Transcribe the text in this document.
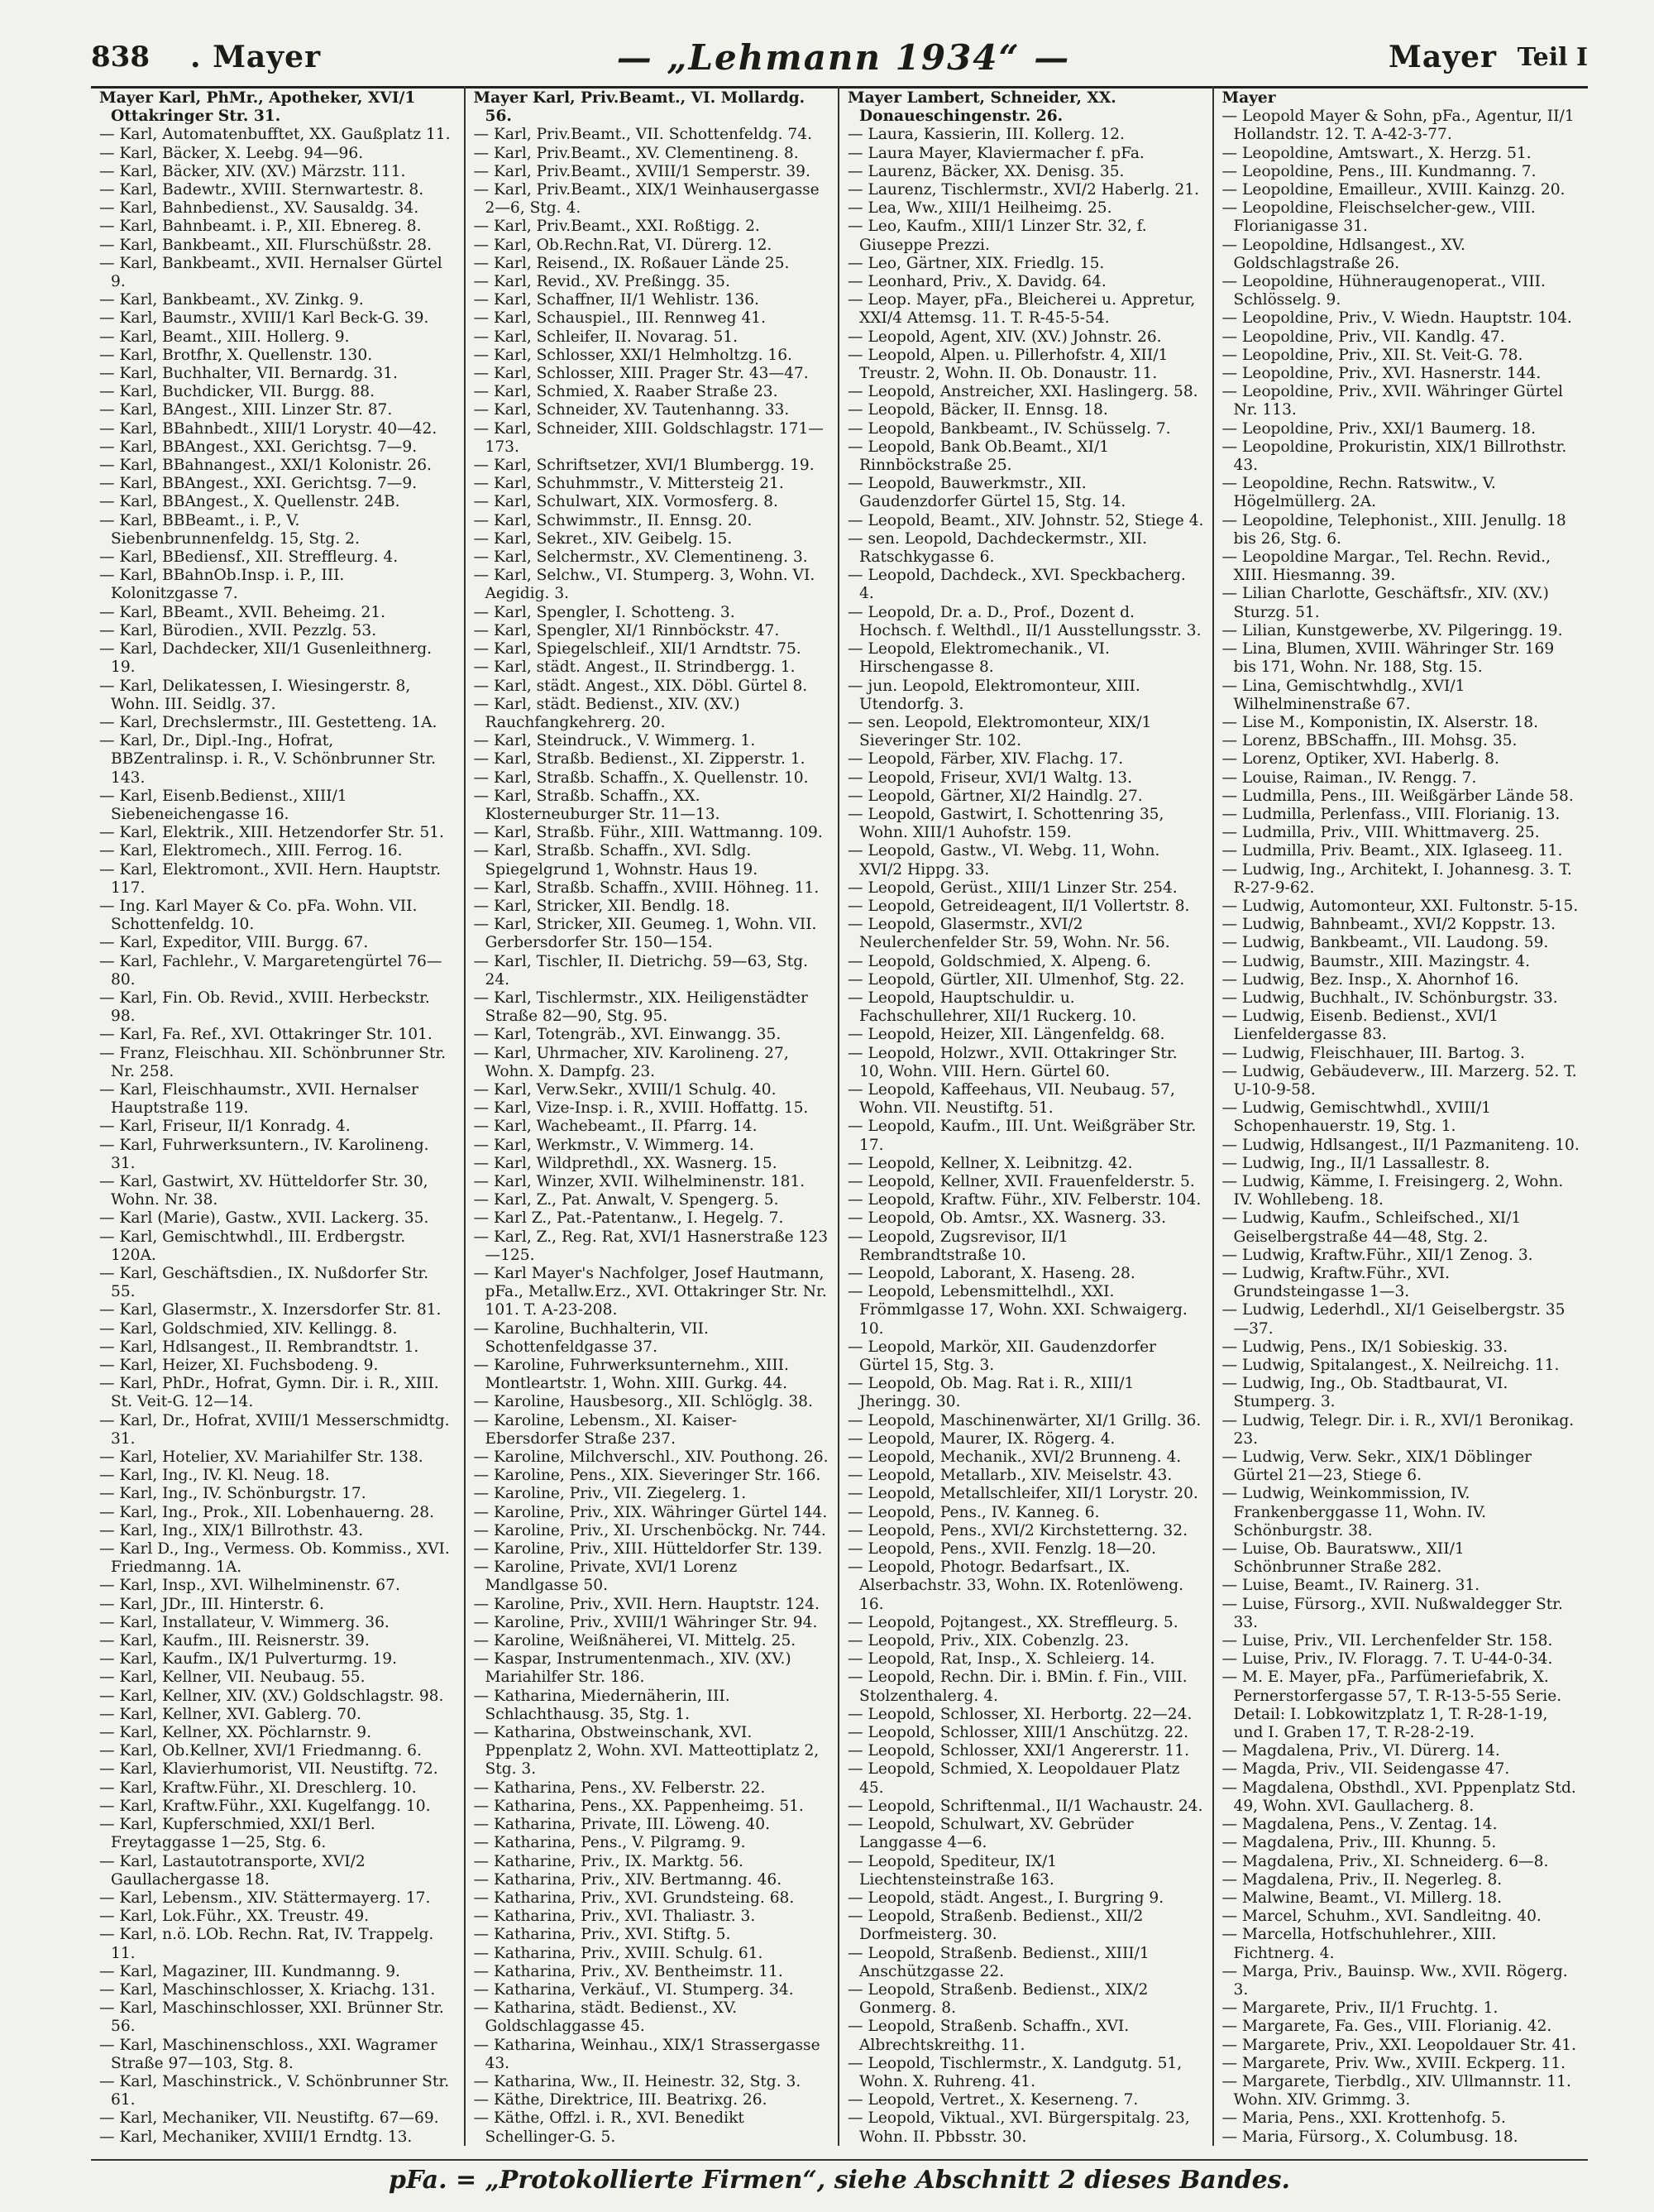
838	. Mayer	— „Lehmann 1934“ —	Mayer Teil I
Mayer Karl, PhMr., Apotheker, XVI/1 Ottakringer Str. 31.
— Karl, Automatenbufftet, XX. Gaußplatz 11.
— Karl, Bäcker, X. Leebg. 94—96.
— Karl, Bäcker, XIV. (XV.) Märzstr. 111.
— Karl, Badewtr., XVIII. Sternwartestr. 8.
— Karl, Bahnbedienst., XV. Sausaldg. 34.
— Karl, Bahnbeamt. i. P., XII. Ebnereg. 8.
— Karl, Bankbeamt., XII. Flurschüßstr. 28.
— Karl, Bankbeamt., XVII. Hernalser Gürtel 9.
— Karl, Bankbeamt., XV. Zinkg. 9.
— Karl, Baumstr., XVIII/1 Karl Beck-G. 39.
— Karl, Beamt., XIII. Hollerg. 9.
— Karl, Brotfhr, X. Quellenstr. 130.
— Karl, Buchhalter, VII. Bernardg. 31.
— Karl, Buchdicker, VII. Burgg. 88.
— Karl, BAngest., XIII. Linzer Str. 87.
— Karl, BBahnbedt., XIII/1 Lorystr. 40—42.
— Karl, BBAngest., XXI. Gerichtsg. 7—9.
— Karl, BBahnangest., XXI/1 Kolonistr. 26.
— Karl, BBAngest., XXI. Gerichtsg. 7—9.
— Karl, BBAngest., X. Quellenstr. 24B.
— Karl, BBBeamt., i. P., V. Siebenbrunnenfeldg. 15, Stg. 2.
— Karl, BBediensf., XII. Streffleurg. 4.
— Karl, BBahnOb.Insp. i. P., III. Kolonitzgasse 7.
— Karl, BBeamt., XVII. Beheimg. 21.
— Karl, Bürodien., XVII. Pezzlg. 53.
— Karl, Dachdecker, XII/1 Gusenleithnerg. 19.
— Karl, Delikatessen, I. Wiesingerstr. 8, Wohn. III. Seidlg. 37.
— Karl, Drechslermstr., III. Gestetteng. 1A.
— Karl, Dr., Dipl.-Ing., Hofrat, BBZentralinsp. i. R., V. Schönbrunner Str. 143.
— Karl, Eisenb.Bedienst., XIII/1 Siebeneichengasse 16.
— Karl, Elektrik., XIII. Hetzendorfer Str. 51.
— Karl, Elektromech., XIII. Ferrog. 16.
— Karl, Elektromont., XVII. Hern. Hauptstr. 117.
— Ing. Karl Mayer & Co. pFa. Wohn. VII. Schottenfeldg. 10.
— Karl, Expeditor, VIII. Burgg. 67.
— Karl, Fachlehr., V. Margaretengürtel 76—80.
— Karl, Fin. Ob. Revid., XVIII. Herbeckstr. 98.
— Karl, Fa. Ref., XVI. Ottakringer Str. 101.
— Franz, Fleischhau. XII. Schönbrunner Str. Nr. 258.
— Karl, Fleischhaumstr., XVII. Hernalser Hauptstraße 119.
— Karl, Friseur, II/1 Konradg. 4.
— Karl, Fuhrwerksuntern., IV. Karolineng. 31.
— Karl, Gastwirt, XV. Hütteldorfer Str. 30, Wohn. Nr. 38.
— Karl (Marie), Gastw., XVII. Lackerg. 35.
— Karl, Gemischtwhdl., III. Erdbergstr. 120A.
— Karl, Geschäftsdien., IX. Nußdorfer Str. 55.
— Karl, Glasermstr., X. Inzersdorfer Str. 81.
— Karl, Goldschmied, XIV. Kellingg. 8.
— Karl, Hdlsangest., II. Rembrandtstr. 1.
— Karl, Heizer, XI. Fuchsbodeng. 9.
— Karl, PhDr., Hofrat, Gymn. Dir. i. R., XIII. St. Veit-G. 12—14.
— Karl, Dr., Hofrat, XVIII/1 Messerschmidtg. 31.
— Karl, Hotelier, XV. Mariahilfer Str. 138.
— Karl, Ing., IV. Kl. Neug. 18.
— Karl, Ing., IV. Schönburgstr. 17.
— Karl, Ing., Prok., XII. Lobenhauerng. 28.
— Karl, Ing., XIX/1 Billrothstr. 43.
— Karl D., Ing., Vermess. Ob. Kommiss., XVI. Friedmanng. 1A.
— Karl, Insp., XVI. Wilhelminenstr. 67.
— Karl, JDr., III. Hinterstr. 6.
— Karl, Installateur, V. Wimmerg. 36.
— Karl, Kaufm., III. Reisnerstr. 39.
— Karl, Kaufm., IX/1 Pulverturmg. 19.
— Karl, Kellner, VII. Neubaug. 55.
— Karl, Kellner, XIV. (XV.) Goldschlagstr. 98.
— Karl, Kellner, XVI. Gablerg. 70.
— Karl, Kellner, XX. Pöchlarnstr. 9.
— Karl, Ob.Kellner, XVI/1 Friedmanng. 6.
— Karl, Klavierhumorist, VII. Neustiftg. 72.
— Karl, Kraftw.Führ., XI. Dreschlerg. 10.
— Karl, Kraftw.Führ., XXI. Kugelfangg. 10.
— Karl, Kupferschmied, XXI/1 Berl. Freytaggasse 1—25, Stg. 6.
— Karl, Lastautotransporte, XVI/2 Gaullachergasse 18.
— Karl, Lebensm., XIV. Stättermayerg. 17.
— Karl, Lok.Führ., XX. Treustr. 49.
— Karl, n.ö. LOb. Rechn. Rat, IV. Trappelg. 11.
— Karl, Magaziner, III. Kundmanng. 9.
— Karl, Maschinschlosser, X. Kriachg. 131.
— Karl, Maschinschlosser, XXI. Brünner Str. 56.
— Karl, Maschinenschloss., XXI. Wagramer Straße 97—103, Stg. 8.
— Karl, Maschinstrick., V. Schönbrunner Str. 61.
— Karl, Mechaniker, VII. Neustiftg. 67—69.
— Karl, Mechaniker, XVIII/1 Erndtg. 13.
Mayer Karl, Priv.Beamt., VI. Mollardg. 56.
— Karl, Priv.Beamt., VII. Schottenfeldg. 74.
— Karl, Priv.Beamt., XV. Clementineng. 8.
— Karl, Priv.Beamt., XVIII/1 Semperstr. 39.
— Karl, Priv.Beamt., XIX/1 Weinhausergasse 2—6, Stg. 4.
— Karl, Priv.Beamt., XXI. Roßtigg. 2.
— Karl, Ob.Rechn.Rat, VI. Dürerg. 12.
— Karl, Reisend., IX. Roßauer Lände 25.
— Karl, Revid., XV. Preßingg. 35.
— Karl, Schaffner, II/1 Wehlistr. 136.
— Karl, Schauspiel., III. Rennweg 41.
— Karl, Schleifer, II. Novarag. 51.
— Karl, Schlosser, XXI/1 Helmholtzg. 16.
— Karl, Schlosser, XIII. Prager Str. 43—47.
— Karl, Schmied, X. Raaber Straße 23.
— Karl, Schneider, XV. Tautenhanng. 33.
— Karl, Schneider, XIII. Goldschlagstr. 171—173.
— Karl, Schriftsetzer, XVI/1 Blumbergg. 19.
— Karl, Schuhmmstr., V. Mittersteig 21.
— Karl, Schulwart, XIX. Vormosferg. 8.
— Karl, Schwimmstr., II. Ennsg. 20.
— Karl, Sekret., XIV. Geibelg. 15.
— Karl, Selchermstr., XV. Clementineng. 3.
— Karl, Selchw., VI. Stumperg. 3, Wohn. VI. Aegidig. 3.
— Karl, Spengler, I. Schotteng. 3.
— Karl, Spengler, XI/1 Rinnböckstr. 47.
— Karl, Spiegelschleif., XII/1 Arndtstr. 75.
— Karl, städt. Angest., II. Strindbergg. 1.
— Karl, städt. Angest., XIX. Döbl. Gürtel 8.
— Karl, städt. Bedienst., XIV. (XV.) Rauchfangkehrerg. 20.
— Karl, Steindruck., V. Wimmerg. 1.
— Karl, Straßb. Bedienst., XI. Zipperstr. 1.
— Karl, Straßb. Schaffn., X. Quellenstr. 10.
— Karl, Straßb. Schaffn., XX. Klosterneuburger Str. 11—13.
— Karl, Straßb. Führ., XIII. Wattmanng. 109.
— Karl, Straßb. Schaffn., XVI. Sdlg. Spiegelgrund 1, Wohnstr. Haus 19.
— Karl, Straßb. Schaffn., XVIII. Höhneg. 11.
— Karl, Stricker, XII. Bendlg. 18.
— Karl, Stricker, XII. Geumeg. 1, Wohn. VII. Gerbersdorfer Str. 150—154.
— Karl, Tischler, II. Dietrichg. 59—63, Stg. 24.
— Karl, Tischlermstr., XIX. Heiligenstädter Straße 82—90, Stg. 95.
— Karl, Totengräb., XVI. Einwangg. 35.
— Karl, Uhrmacher, XIV. Karolineng. 27, Wohn. X. Dampfg. 23.
— Karl, Verw.Sekr., XVIII/1 Schulg. 40.
— Karl, Vize-Insp. i. R., XVIII. Hoffattg. 15.
— Karl, Wachebeamt., II. Pfarrg. 14.
— Karl, Werkmstr., V. Wimmerg. 14.
— Karl, Wildprethdl., XX. Wasnerg. 15.
— Karl, Winzer, XVII. Wilhelminenstr. 181.
— Karl, Z., Pat. Anwalt, V. Spengerg. 5.
— Karl Z., Pat.-Patentanw., I. Hegelg. 7.
— Karl, Z., Reg. Rat, XVI/1 Hasnerstraße 123—125.
— Karl Mayer's Nachfolger, Josef Hautmann, pFa., Metallw.Erz., XVI. Ottakringer Str. Nr. 101. T. A-23-208.
— Karoline, Buchhalterin, VII. Schottenfeldgasse 37.
— Karoline, Fuhrwerksunternehm., XIII. Montleartstr. 1, Wohn. XIII. Gurkg. 44.
— Karoline, Hausbesorg., XII. Schlöglg. 38.
— Karoline, Lebensm., XI. Kaiser-Ebersdorfer Straße 237.
— Karoline, Milchverschl., XIV. Pouthong. 26.
— Karoline, Pens., XIX. Sieveringer Str. 166.
— Karoline, Priv., VII. Ziegelerg. 1.
— Karoline, Priv., XIX. Währinger Gürtel 144.
— Karoline, Priv., XI. Urschenböckg. Nr. 744.
— Karoline, Priv., XIII. Hütteldorfer Str. 139.
— Karoline, Private, XVI/1 Lorenz Mandlgasse 50.
— Karoline, Priv., XVII. Hern. Hauptstr. 124.
— Karoline, Priv., XVIII/1 Währinger Str. 94.
— Karoline, Weißnäherei, VI. Mittelg. 25.
— Kaspar, Instrumentenmach., XIV. (XV.) Mariahilfer Str. 186.
— Katharina, Miedernäherin, III. Schlachthausg. 35, Stg. 1.
— Katharina, Obstweinschank, XVI. Pppenplatz 2, Wohn. XVI. Matteottiplatz 2, Stg. 3.
— Katharina, Pens., XV. Felberstr. 22.
— Katharina, Pens., XX. Pappenheimg. 51.
— Katharina, Private, III. Löweng. 40.
— Katharina, Pens., V. Pilgramg. 9.
— Katharine, Priv., IX. Marktg. 56.
— Katharina, Priv., XIV. Bertmanng. 46.
— Katharina, Priv., XVI. Grundsteing. 68.
— Katharina, Priv., XVI. Thaliastr. 3.
— Katharina, Priv., XVI. Stiftg. 5.
— Katharina, Priv., XVIII. Schulg. 61.
— Katharina, Priv., XV. Bentheimstr. 11.
— Katharina, Verkäuf., VI. Stumperg. 34.
— Katharina, städt. Bedienst., XV. Goldschlaggasse 45.
— Katharina, Weinhau., XIX/1 Strassergasse 43.
— Katharina, Ww., II. Heinestr. 32, Stg. 3.
— Käthe, Direktrice, III. Beatrixg. 26.
— Käthe, Offzl. i. R., XVI. Benedikt Schellinger-G. 5.
Mayer Lambert, Schneider, XX. Donaueschingenstr. 26.
— Laura, Kassierin, III. Kollerg. 12.
— Laura Mayer, Klaviermacher f. pFa.
— Laurenz, Bäcker, XX. Denisg. 35.
— Laurenz, Tischlermstr., XVI/2 Haberlg. 21.
— Lea, Ww., XIII/1 Heilheimg. 25.
— Leo, Kaufm., XIII/1 Linzer Str. 32, f. Giuseppe Prezzi.
— Leo, Gärtner, XIX. Friedlg. 15.
— Leonhard, Priv., X. Davidg. 64.
— Leop. Mayer, pFa., Bleicherei u. Appretur, XXI/4 Attemsg. 11. T. R-45-5-54.
— Leopold, Agent, XIV. (XV.) Johnstr. 26.
— Leopold, Alpen. u. Pillerhofstr. 4, XII/1 Treustr. 2, Wohn. II. Ob. Donaustr. 11.
— Leopold, Anstreicher, XXI. Haslingerg. 58.
— Leopold, Bäcker, II. Ennsg. 18.
— Leopold, Bankbeamt., IV. Schüsselg. 7.
— Leopold, Bank Ob.Beamt., XI/1 Rinnböckstraße 25.
— Leopold, Bauwerkmstr., XII. Gaudenzdorfer Gürtel 15, Stg. 14.
— Leopold, Beamt., XIV. Johnstr. 52, Stiege 4.
— sen. Leopold, Dachdeckermstr., XII. Ratschkygasse 6.
— Leopold, Dachdeck., XVI. Speckbacherg. 4.
— Leopold, Dr. a. D., Prof., Dozent d. Hochsch. f. Welthdl., II/1 Ausstellungsstr. 3.
— Leopold, Elektromechanik., VI. Hirschengasse 8.
— jun. Leopold, Elektromonteur, XIII. Utendorfg. 3.
— sen. Leopold, Elektromonteur, XIX/1 Sieveringer Str. 102.
— Leopold, Färber, XIV. Flachg. 17.
— Leopold, Friseur, XVI/1 Waltg. 13.
— Leopold, Gärtner, XI/2 Haindlg. 27.
— Leopold, Gastwirt, I. Schottenring 35, Wohn. XIII/1 Auhofstr. 159.
— Leopold, Gastw., VI. Webg. 11, Wohn. XVI/2 Hippg. 33.
— Leopold, Gerüst., XIII/1 Linzer Str. 254.
— Leopold, Getreideagent, II/1 Vollertstr. 8.
— Leopold, Glasermstr., XVI/2 Neulerchenfelder Str. 59, Wohn. Nr. 56.
— Leopold, Goldschmied, X. Alpeng. 6.
— Leopold, Gürtler, XII. Ulmenhof, Stg. 22.
— Leopold, Hauptschuldir. u. Fachschullehrer, XII/1 Ruckerg. 10.
— Leopold, Heizer, XII. Längenfeldg. 68.
— Leopold, Holzwr., XVII. Ottakringer Str. 10, Wohn. VIII. Hern. Gürtel 60.
— Leopold, Kaffeehaus, VII. Neubaug. 57, Wohn. VII. Neustiftg. 51.
— Leopold, Kaufm., III. Unt. Weißgräber Str. 17.
— Leopold, Kellner, X. Leibnitzg. 42.
— Leopold, Kellner, XVII. Frauenfelderstr. 5.
— Leopold, Kraftw. Führ., XIV. Felberstr. 104.
— Leopold, Ob. Amtsr., XX. Wasnerg. 33.
— Leopold, Zugsrevisor, II/1 Rembrandtstraße 10.
— Leopold, Laborant, X. Haseng. 28.
— Leopold, Lebensmittelhdl., XXI. Frömmlgasse 17, Wohn. XXI. Schwaigerg. 10.
— Leopold, Markör, XII. Gaudenzdorfer Gürtel 15, Stg. 3.
— Leopold, Ob. Mag. Rat i. R., XIII/1 Jheringg. 30.
— Leopold, Maschinenwärter, XI/1 Grillg. 36.
— Leopold, Maurer, IX. Rögerg. 4.
— Leopold, Mechanik., XVI/2 Brunneng. 4.
— Leopold, Metallarb., XIV. Meiselstr. 43.
— Leopold, Metallschleifer, XII/1 Lorystr. 20.
— Leopold, Pens., IV. Kanneg. 6.
— Leopold, Pens., XVI/2 Kirchstetterng. 32.
— Leopold, Pens., XVII. Fenzlg. 18—20.
— Leopold, Photogr. Bedarfsart., IX. Alserbachstr. 33, Wohn. IX. Rotenlöweng. 16.
— Leopold, Pojtangest., XX. Streffleurg. 5.
— Leopold, Priv., XIX. Cobenzlg. 23.
— Leopold, Rat, Insp., X. Schleierg. 14.
— Leopold, Rechn. Dir. i. BMin. f. Fin., VIII. Stolzenthalerg. 4.
— Leopold, Schlosser, XI. Herbortg. 22—24.
— Leopold, Schlosser, XIII/1 Anschützg. 22.
— Leopold, Schlosser, XXI/1 Angererstr. 11.
— Leopold, Schmied, X. Leopoldauer Platz 45.
— Leopold, Schriftenmal., II/1 Wachaustr. 24.
— Leopold, Schulwart, XV. Gebrüder Langgasse 4—6.
— Leopold, Spediteur, IX/1 Liechtensteinstraße 163.
— Leopold, städt. Angest., I. Burgring 9.
— Leopold, Straßenb. Bedienst., XII/2 Dorfmeisterg. 30.
— Leopold, Straßenb. Bedienst., XIII/1 Anschützgasse 22.
— Leopold, Straßenb. Bedienst., XIX/2 Gonmerg. 8.
— Leopold, Straßenb. Schaffn., XVI. Albrechtskreithg. 11.
— Leopold, Tischlermstr., X. Landgutg. 51, Wohn. X. Ruhreng. 41.
— Leopold, Vertret., X. Keserneng. 7.
— Leopold, Viktual., XVI. Bürgerspitalg. 23, Wohn. II. Pbbsstr. 30.
Mayer
— Leopold Mayer & Sohn, pFa., Agentur, II/1 Hollandstr. 12. T. A-42-3-77.
— Leopoldine, Amtswart., X. Herzg. 51.
— Leopoldine, Pens., III. Kundmanng. 7.
— Leopoldine, Emailleur., XVIII. Kainzg. 20.
— Leopoldine, Fleischselcher-gew., VIII. Florianigasse 31.
— Leopoldine, Hdlsangest., XV. Goldschlagstraße 26.
— Leopoldine, Hühneraugenoperat., VIII. Schlösselg. 9.
— Leopoldine, Priv., V. Wiedn. Hauptstr. 104.
— Leopoldine, Priv., VII. Kandlg. 47.
— Leopoldine, Priv., XII. St. Veit-G. 78.
— Leopoldine, Priv., XVI. Hasnerstr. 144.
— Leopoldine, Priv., XVII. Währinger Gürtel Nr. 113.
— Leopoldine, Priv., XXI/1 Baumerg. 18.
— Leopoldine, Prokuristin, XIX/1 Billrothstr. 43.
— Leopoldine, Rechn. Ratswitw., V. Högelmüllerg. 2A.
— Leopoldine, Telephonist., XIII. Jenullg. 18 bis 26, Stg. 6.
— Leopoldine Margar., Tel. Rechn. Revid., XIII. Hiesmanng. 39.
— Lilian Charlotte, Geschäftsfr., XIV. (XV.) Sturzg. 51.
— Lilian, Kunstgewerbe, XV. Pilgeringg. 19.
— Lina, Blumen, XVIII. Währinger Str. 169 bis 171, Wohn. Nr. 188, Stg. 15.
— Lina, Gemischtwhdlg., XVI/1 Wilhelminenstraße 67.
— Lise M., Komponistin, IX. Alserstr. 18.
— Lorenz, BBSchaffn., III. Mohsg. 35.
— Lorenz, Optiker, XVI. Haberlg. 8.
— Louise, Raiman., IV. Rengg. 7.
— Ludmilla, Pens., III. Weißgärber Lände 58.
— Ludmilla, Perlenfass., VIII. Florianig. 13.
— Ludmilla, Priv., VIII. Whittmaverg. 25.
— Ludmilla, Priv. Beamt., XIX. Iglaseeg. 11.
— Ludwig, Ing., Architekt, I. Johannesg. 3. T. R-27-9-62.
— Ludwig, Automonteur, XXI. Fultonstr. 5-15.
— Ludwig, Bahnbeamt., XVI/2 Koppstr. 13.
— Ludwig, Bankbeamt., VII. Laudong. 59.
— Ludwig, Baumstr., XIII. Mazingstr. 4.
— Ludwig, Bez. Insp., X. Ahornhof 16.
— Ludwig, Buchhalt., IV. Schönburgstr. 33.
— Ludwig, Eisenb. Bedienst., XVI/1 Lienfeldergasse 83.
— Ludwig, Fleischhauer, III. Bartog. 3.
— Ludwig, Gebäudeverw., III. Marzerg. 52. T. U-10-9-58.
— Ludwig, Gemischtwhdl., XVIII/1 Schopenhauerstr. 19, Stg. 1.
— Ludwig, Hdlsangest., II/1 Pazmaniteng. 10.
— Ludwig, Ing., II/1 Lassallestr. 8.
— Ludwig, Kämme, I. Freisingerg. 2, Wohn. IV. Wohllebeng. 18.
— Ludwig, Kaufm., Schleifsched., XI/1 Geiselbergstraße 44—48, Stg. 2.
— Ludwig, Kraftw.Führ., XII/1 Zenog. 3.
— Ludwig, Kraftw.Führ., XVI. Grundsteingasse 1—3.
— Ludwig, Lederhdl., XI/1 Geiselbergstr. 35—37.
— Ludwig, Pens., IX/1 Sobieskig. 33.
— Ludwig, Spitalangest., X. Neilreichg. 11.
— Ludwig, Ing., Ob. Stadtbaurat, VI. Stumperg. 3.
— Ludwig, Telegr. Dir. i. R., XVI/1 Beronikag. 23.
— Ludwig, Verw. Sekr., XIX/1 Döblinger Gürtel 21—23, Stiege 6.
— Ludwig, Weinkommission, IV. Frankenberggasse 11, Wohn. IV. Schönburgstr. 38.
— Luise, Ob. Bauratsww., XII/1 Schönbrunner Straße 282.
— Luise, Beamt., IV. Rainerg. 31.
— Luise, Fürsorg., XVII. Nußwaldegger Str. 33.
— Luise, Priv., VII. Lerchenfelder Str. 158.
— Luise, Priv., IV. Floragg. 7. T. U-44-0-34.
— M. E. Mayer, pFa., Parfümeriefabrik, X. Pernerstorfergasse 57, T. R-13-5-55 Serie. Detail: I. Lobkowitzplatz 1, T. R-28-1-19, und I. Graben 17, T. R-28-2-19.
— Magdalena, Priv., VI. Dürerg. 14.
— Magda, Priv., VII. Seidengasse 47.
— Magdalena, Obsthdl., XVI. Pppenplatz Std. 49, Wohn. XVI. Gaullacherg. 8.
— Magdalena, Pens., V. Zentag. 14.
— Magdalena, Priv., III. Khunng. 5.
— Magdalena, Priv., XI. Schneiderg. 6—8.
— Magdalena, Priv., II. Negerleg. 8.
— Malwine, Beamt., VI. Millerg. 18.
— Marcel, Schuhm., XVI. Sandleitng. 40.
— Marcella, Hotfschuhlehrer., XIII. Fichtnerg. 4.
— Marga, Priv., Bauinsp. Ww., XVII. Rögerg. 3.
— Margarete, Priv., II/1 Fruchtg. 1.
— Margarete, Fa. Ges., VIII. Florianig. 42.
— Margarete, Priv., XXI. Leopoldauer Str. 41.
— Margarete, Priv. Ww., XVIII. Eckperg. 11.
— Margarete, Tierbdlg., XIV. Ullmannstr. 11. Wohn. XIV. Grimmg. 3.
— Maria, Pens., XXI. Krottenhofg. 5.
— Maria, Fürsorg., X. Columbusg. 18.
pFa. = „Protokollierte Firmen“, siehe Abschnitt 2 dieses Bandes.
